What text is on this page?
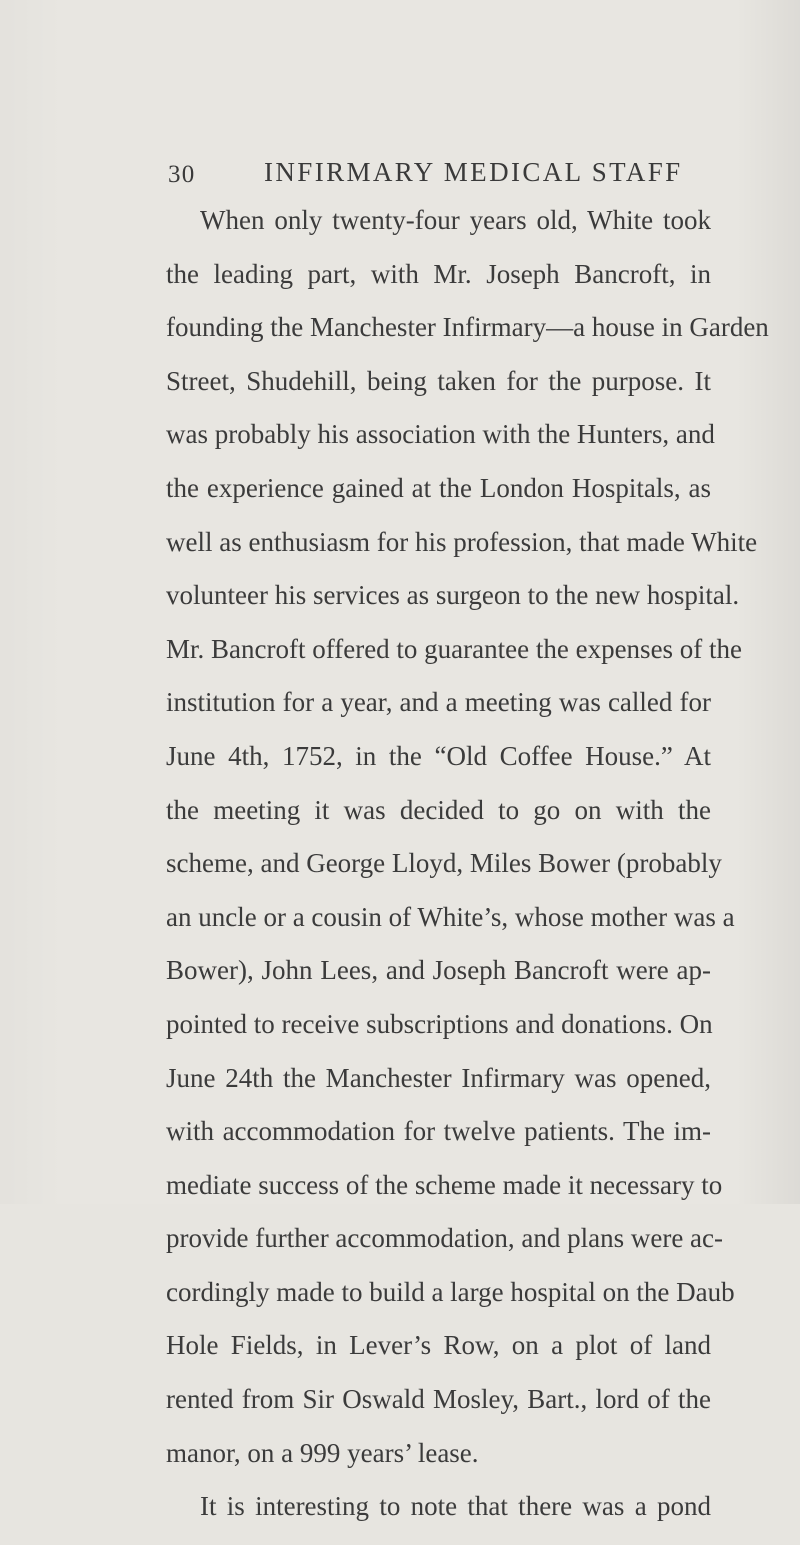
30	INFIRMARY MEDICAL STAFF
When only twenty-four years old, White took
the leading part, with Mr. Joseph Bancroft, in
founding the Manchester Infirmary—a house in Garden
Street, Shudehill, being taken for the purpose. It
was probably his association with the Hunters, and
the experience gained at the London Hospitals, as
well as enthusiasm for his profession, that made White
volunteer his services as surgeon to the new hospital.
Mr. Bancroft offered to guarantee the expenses of the
institution for a year, and a meeting was called for
June 4th, 1752, in the “Old Coffee House.” At
the meeting it was decided to go on with the
scheme, and George Lloyd, Miles Bower (probably
an uncle or a cousin of White’s, whose mother was a
Bower), John Lees, and Joseph Bancroft were ap-
pointed to receive subscriptions and donations. On
June 24th the Manchester Infirmary was opened,
with accommodation for twelve patients. The im-
mediate success of the scheme made it necessary to
provide further accommodation, and plans were ac-
cordingly made to build a large hospital on the Daub
Hole Fields, in Lever’s Row, on a plot of land
rented from Sir Oswald Mosley, Bart., lord of the
manor, on a 999 years’ lease.
It is interesting to note that there was a pond
